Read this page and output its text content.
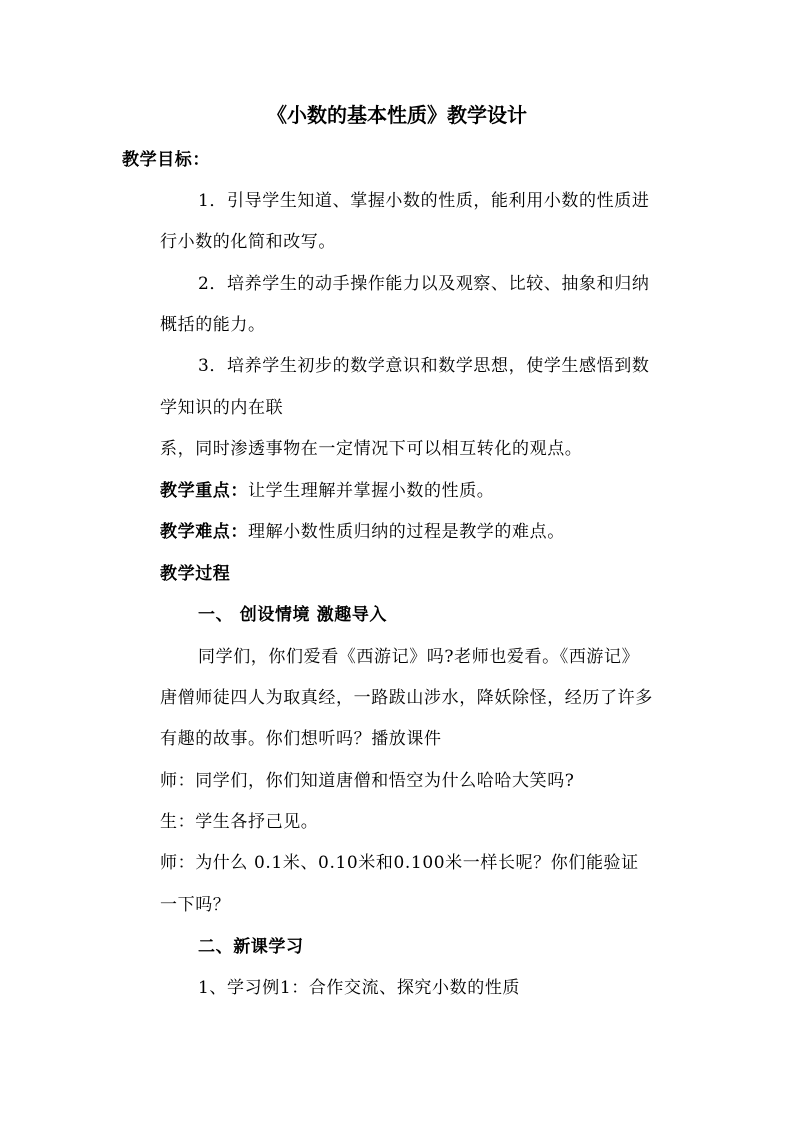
《小数的基本性质》教学设计
教学目标：
1．引导学生知道、掌握小数的性质，能利用小数的性质进
行小数的化简和改写。
2．培养学生的动手操作能力以及观察、比较、抽象和归纳
概括的能力。
3．培养学生初步的数学意识和数学思想，使学生感悟到数
学知识的内在联
系，同时渗透事物在一定情况下可以相互转化的观点。
教学重点：让学生理解并掌握小数的性质。
教学难点：理解小数性质归纳的过程是教学的难点。
教学过程
一、 创设情境 激趣导入
同学们，你们爱看《西游记》吗?老师也爱看。《西游记》
唐僧师徒四人为取真经，一路跋山涉水，降妖除怪，经历了许多
有趣的故事。你们想听吗？播放课件
师：同学们，你们知道唐僧和悟空为什么哈哈大笑吗?
生：学生各抒己见。
师：为什么 0.1米、0.10米和0.100米一样长呢？你们能验证
一下吗？
二、新课学习
1、学习例1：合作交流、探究小数的性质
